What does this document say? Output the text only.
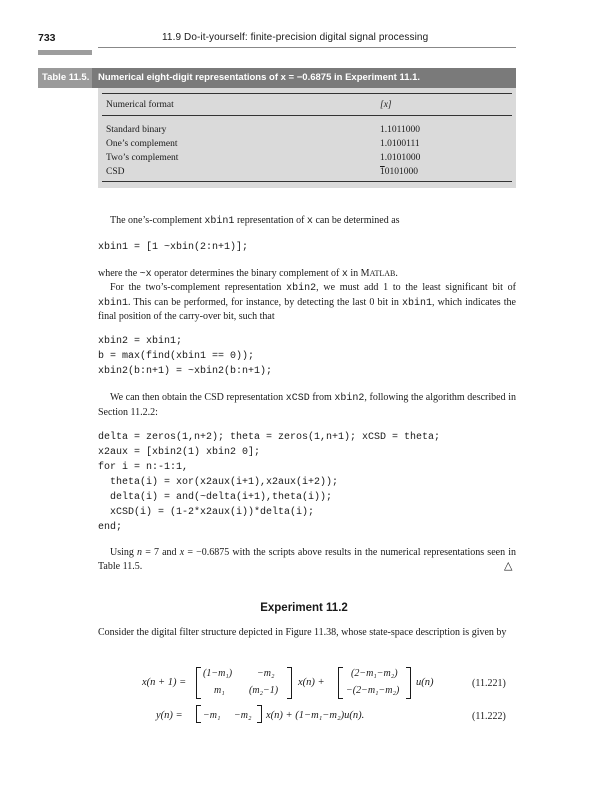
733	11.9 Do-it-yourself: finite-precision digital signal processing
Table 11.5. Numerical eight-digit representations of x = −0.6875 in Experiment 11.1.
Numerical format	[x]
Standard binary	1.1011000
One’s complement	1.0100111
Two’s complement	1.0101000
CSD	10101000
The one’s-complement xbin1 representation of x can be determined as
xbin1 = [1 ~xbin(2:n+1)];
where the ~x operator determines the binary complement of x in MATLAB.
For the two’s-complement representation xbin2, we must add 1 to the least significant bit of xbin1. This can be performed, for instance, by detecting the last 0 bit in xbin1, which indicates the final position of the carry-over bit, such that
xbin2 = xbin1;
b = max(find(xbin1 == 0));
xbin2(b:n+1) = ~xbin2(b:n+1);
We can then obtain the CSD representation xCSD from xbin2, following the algorithm described in Section 11.2.2:
delta = zeros(1,n+2); theta = zeros(1,n+1); xCSD = theta;
x2aux = [xbin2(1) xbin2 0];
for i = n:-1:1,
theta(i) = xor(x2aux(i+1),x2aux(i+2));
delta(i) = and(~delta(i+1),theta(i));
xCSD(i) = (1-2*x2aux(i))*delta(i);
end;
Using n = 7 and x = −0.6875 with the scripts above results in the numerical representations seen in Table 11.5.	△
Experiment 11.2
Consider the digital filter structure depicted in Figure 11.38, whose state-space description is given by
x(n + 1) =
(1−m₁) −m₂
m₁ (m₂−1)
x(n) +
(2−m₁−m₂)
−(2−m₁−m₂)
u(n)	(11.221)
y(n) = −m₁ −m₂ x(n) + (1−m₁−m₂)u(n).	(11.222)
